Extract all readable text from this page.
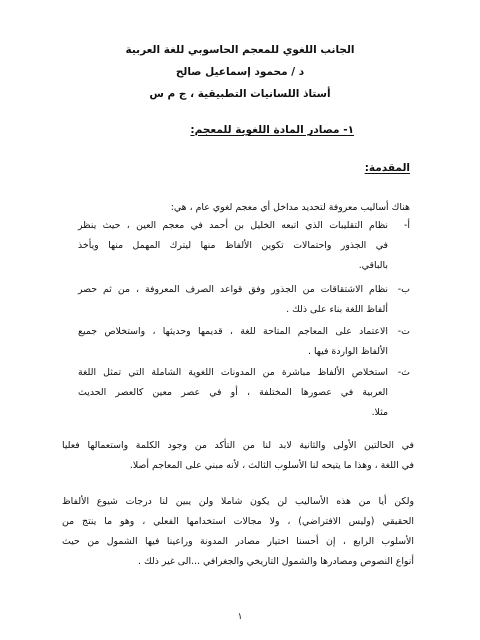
الجانب اللغوي للمعجم الحاسوبي للغة العربية
د / محمود إسماعيل صالح
أستاذ اللسانيات التطبيقية ، ج م س
١- مصادر المادة اللغوية للمعجم:
المقدمة:
هناك أساليب معروفة لتحديد مداخل أي معجم لغوي عام ، هي:
أ-
نظام التقليبات الذي اتبعه الخليل بن أحمد في معجم العين ، حيث ينظر
في الجذور واحتمالات تكوين الألفاظ منها ليترك المهمل منها ويأخذ
بالباقي.
ب-
نظام الاشتقاقات من الجذور وفق قواعد الصرف المعروفة ، من ثم حصر
ألفاظ اللغة بناء على ذلك .
ت-
الاعتماد على المعاجم المتاحة للغة ، قديمها وحديثها ، واستخلاص جميع
الألفاظ الواردة فيها .
ث-
استخلاص الألفاظ مباشرة من المدونات اللغوية الشاملة التي تمثل اللغة
العربية في عصورها المختلفة ، أو في عصر معين كالعصر الحديث
مثلا.
في الحالتين الأولى والثانية لابد لنا من التأكد من وجود الكلمة واستعمالها فعليا
في اللغة ، وهذا ما يتيحه لنا الأسلوب الثالث ، لأنه مبني على المعاجم أصلا.
ولكن أيا من هذه الأساليب لن يكون شاملا ولن يبين لنا درجات شيوع الألفاظ
الحقيقي (وليس الافتراضي) ، ولا مجالات استخدامها الفعلي ، وهو ما ينتج من
الأسلوب الرابع ، إن أحسنا اختيار مصادر المدونة وراعينا فيها الشمول من حيث
أنواع النصوص ومصادرها والشمول التاريخي والجغرافي ...الى غير ذلك .
١
